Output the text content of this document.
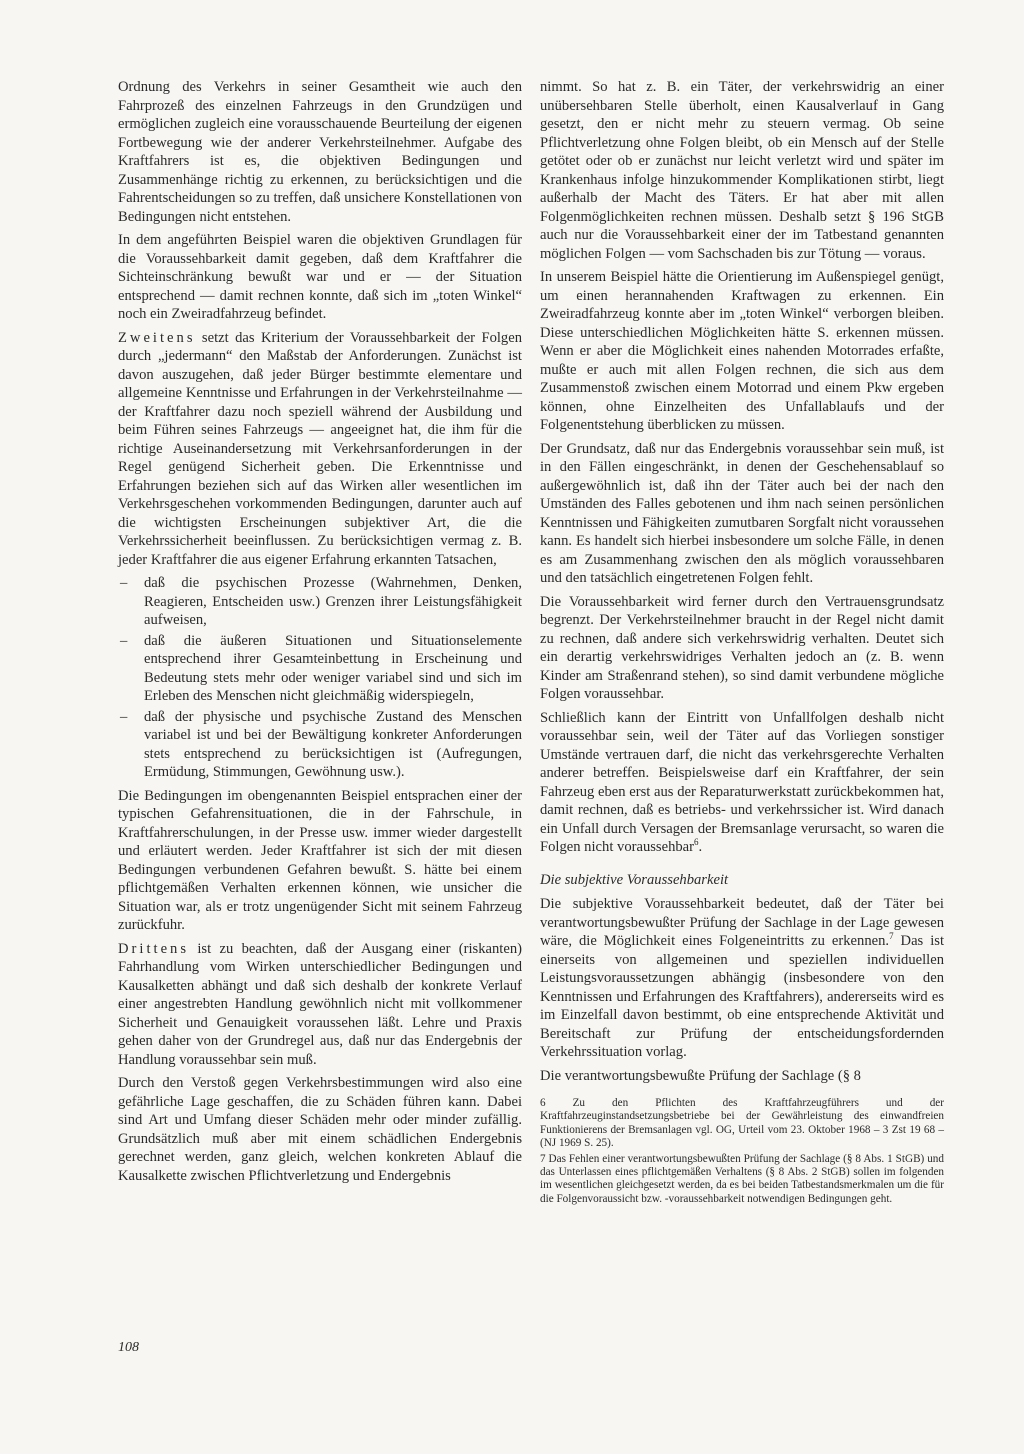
Ordnung des Verkehrs in seiner Gesamtheit wie auch den Fahrprozeß des einzelnen Fahrzeugs in den Grundzügen und ermöglichen zugleich eine vorausschauende Beurteilung der eigenen Fortbewegung wie der anderer Verkehrsteilnehmer. Aufgabe des Kraftfahrers ist es, die objektiven Bedingungen und Zusammenhänge richtig zu erkennen, zu berücksichtigen und die Fahrentscheidungen so zu treffen, daß unsichere Konstellationen von Bedingungen nicht entstehen.

In dem angeführten Beispiel waren die objektiven Grundlagen für die Voraussehbarkeit damit gegeben, daß dem Kraftfahrer die Sichteinschränkung bewußt war und er — der Situation entsprechend — damit rechnen konnte, daß sich im „toten Winkel“ noch ein Zweiradfahrzeug befindet.

Zweitens setzt das Kriterium der Voraussehbarkeit der Folgen durch „jedermann“ den Maßstab der Anforderungen. Zunächst ist davon auszugehen, daß jeder Bürger bestimmte elementare und allgemeine Kenntnisse und Erfahrungen in der Verkehrsteilnahme — der Kraftfahrer dazu noch speziell während der Ausbildung und beim Führen seines Fahrzeugs — angeeignet hat, die ihm für die richtige Auseinandersetzung mit Verkehrsanforderungen in der Regel genügend Sicherheit geben. Die Erkenntnisse und Erfahrungen beziehen sich auf das Wirken aller wesentlichen im Verkehrsgeschehen vorkommenden Bedingungen, darunter auch auf die wichtigsten Erscheinungen subjektiver Art, die die Verkehrssicherheit beeinflussen. Zu berücksichtigen vermag z. B. jeder Kraftfahrer die aus eigener Erfahrung erkannten Tatsachen,

– daß die psychischen Prozesse (Wahrnehmen, Denken, Reagieren, Entscheiden usw.) Grenzen ihrer Leistungsfähigkeit aufweisen,
– daß die äußeren Situationen und Situationselemente entsprechend ihrer Gesamteinbettung in Erscheinung und Bedeutung stets mehr oder weniger variabel sind und sich im Erleben des Menschen nicht gleichmäßig widerspiegeln,
– daß der physische und psychische Zustand des Menschen variabel ist und bei der Bewältigung konkreter Anforderungen stets entsprechend zu berücksichtigen ist (Aufregungen, Ermüdung, Stimmungen, Gewöhnung usw.).

Die Bedingungen im obengenannten Beispiel entsprachen einer der typischen Gefahrensituationen, die in der Fahrschule, in Kraftfahrerschulungen, in der Presse usw. immer wieder dargestellt und erläutert werden. Jeder Kraftfahrer ist sich der mit diesen Bedingungen verbundenen Gefahren bewußt. S. hätte bei einem pflichtgemäßen Verhalten erkennen können, wie unsicher die Situation war, als er trotz ungenügender Sicht mit seinem Fahrzeug zurückfuhr.

Drittens ist zu beachten, daß der Ausgang einer (riskanten) Fahrhandlung vom Wirken unterschiedlicher Bedingungen und Kausalketten abhängt und daß sich deshalb der konkrete Verlauf einer angestrebten Handlung gewöhnlich nicht mit vollkommener Sicherheit und Genauigkeit voraussehen läßt. Lehre und Praxis gehen daher von der Grundregel aus, daß nur das Endergebnis der Handlung voraussehbar sein muß.

Durch den Verstoß gegen Verkehrsbestimmungen wird also eine gefährliche Lage geschaffen, die zu Schäden führen kann. Dabei sind Art und Umfang dieser Schäden mehr oder minder zufällig. Grundsätzlich muß aber mit einem schädlichen Endergebnis gerechnet werden, ganz gleich, welchen konkreten Ablauf die Kausalkette zwischen Pflichtverletzung und Endergebnis

nimmt. So hat z. B. ein Täter, der verkehrswidrig an einer unübersehbaren Stelle überholt, einen Kausalverlauf in Gang gesetzt, den er nicht mehr zu steuern vermag. Ob seine Pflichtverletzung ohne Folgen bleibt, ob ein Mensch auf der Stelle getötet oder ob er zunächst nur leicht verletzt wird und später im Krankenhaus infolge hinzukommender Komplikationen stirbt, liegt außerhalb der Macht des Täters. Er hat aber mit allen Folgenmöglichkeiten rechnen müssen. Deshalb setzt § 196 StGB auch nur die Voraussehbarkeit einer der im Tatbestand genannten möglichen Folgen — vom Sachschaden bis zur Tötung — voraus.

In unserem Beispiel hätte die Orientierung im Außenspiegel genügt, um einen herannahenden Kraftwagen zu erkennen. Ein Zweiradfahrzeug konnte aber im „toten Winkel“ verborgen bleiben. Diese unterschiedlichen Möglichkeiten hätte S. erkennen müssen. Wenn er aber die Möglichkeit eines nahenden Motorrades erfaßte, mußte er auch mit allen Folgen rechnen, die sich aus dem Zusammenstoß zwischen einem Motorrad und einem Pkw ergeben können, ohne Einzelheiten des Unfallablaufs und der Folgenentstehung überblicken zu müssen.

Der Grundsatz, daß nur das Endergebnis voraussehbar sein muß, ist in den Fällen eingeschränkt, in denen der Geschehensablauf so außergewöhnlich ist, daß ihn der Täter auch bei der nach den Umständen des Falles gebotenen und ihm nach seinen persönlichen Kenntnissen und Fähigkeiten zumutbaren Sorgfalt nicht voraussehen kann. Es handelt sich hierbei insbesondere um solche Fälle, in denen es am Zusammenhang zwischen den als möglich voraussehbaren und den tatsächlich eingetretenen Folgen fehlt.

Die Voraussehbarkeit wird ferner durch den Vertrauensgrundsatz begrenzt. Der Verkehrsteilnehmer braucht in der Regel nicht damit zu rechnen, daß andere sich verkehrswidrig verhalten. Deutet sich ein derartig verkehrswidriges Verhalten jedoch an (z. B. wenn Kinder am Straßenrand stehen), so sind damit verbundene mögliche Folgen voraussehbar.

Schließlich kann der Eintritt von Unfallfolgen deshalb nicht voraussehbar sein, weil der Täter auf das Vorliegen sonstiger Umstände vertrauen darf, die nicht das verkehrsgerechte Verhalten anderer betreffen. Beispielsweise darf ein Kraftfahrer, der sein Fahrzeug eben erst aus der Reparaturwerkstatt zurückbekommen hat, damit rechnen, daß es betriebs- und verkehrssicher ist. Wird danach ein Unfall durch Versagen der Bremsanlage verursacht, so waren die Folgen nicht voraussehbar$^6$.

Die subjektive Voraussehbarkeit

Die subjektive Voraussehbarkeit bedeutet, daß der Täter bei verantwortungsbewußter Prüfung der Sachlage in der Lage gewesen wäre, die Möglichkeit eines Folgeneintritts zu erkennen.$^7$ Das ist einerseits von allgemeinen und speziellen individuellen Leistungsvoraussetzungen abhängig (insbesondere von den Kenntnissen und Erfahrungen des Kraftfahrers), andererseits wird es im Einzelfall davon bestimmt, ob eine entsprechende Aktivität und Bereitschaft zur Prüfung der entscheidungsfordernden Verkehrssituation vorlag.

Die verantwortungsbewußte Prüfung der Sachlage (§ 8

6 Zu den Pflichten des Kraftfahrzeugführers und der Kraftfahrzeuginstandsetzungsbetriebe bei der Gewährleistung des einwandfreien Funktionierens der Bremsanlagen vgl. OG, Urteil vom 23. Oktober 1968 – 3 Zst 19 68 – (NJ 1969 S. 25).

7 Das Fehlen einer verantwortungsbewußten Prüfung der Sachlage (§ 8 Abs. 1 StGB) und das Unterlassen eines pflichtgemäßen Verhaltens (§ 8 Abs. 2 StGB) sollen im folgenden im wesentlichen gleichgesetzt werden, da es bei beiden Tatbestandsmerkmalen um die für die Folgenvoraussicht bzw. -voraussehbarkeit notwendigen Bedingungen geht.

108
